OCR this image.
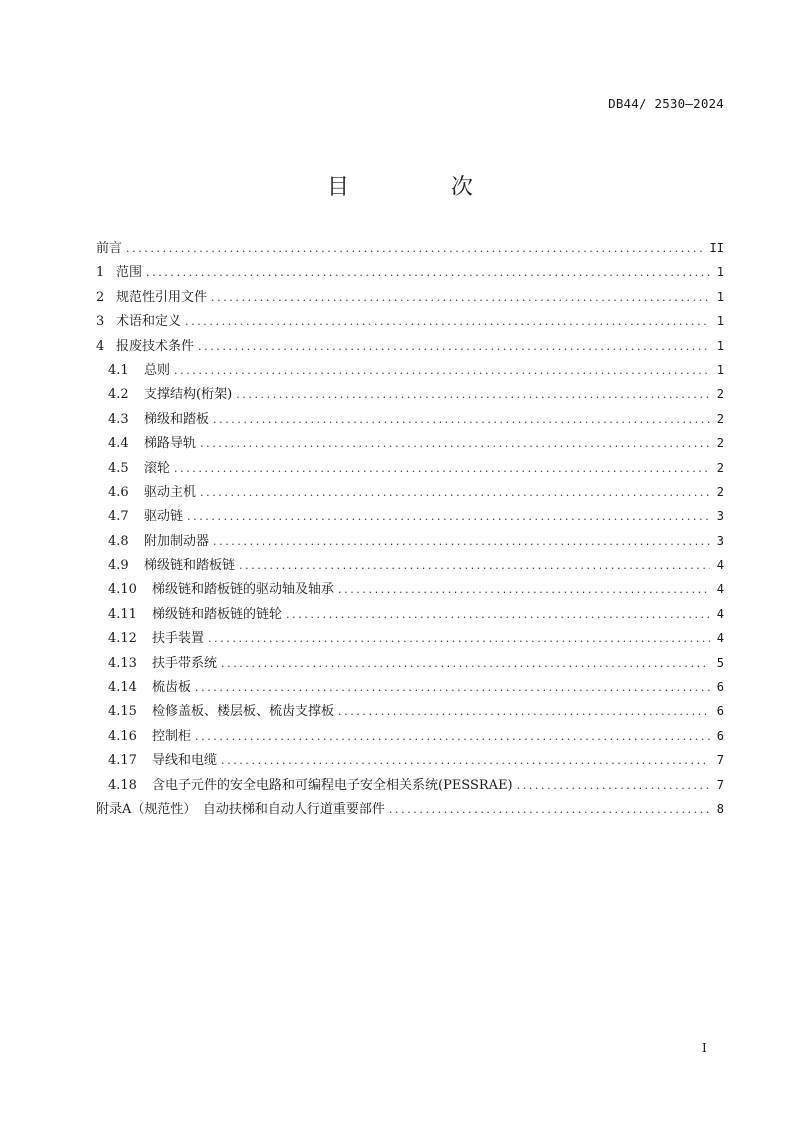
DB44/ 2530—2024
目　次
前言 .....	II
1 范围 .....	1
2 规范性引用文件 .....	1
3 术语和定义 .....	1
4 报废技术条件 .....	1
4.1	总则 .....	1
4.2	支撑结构(桁架) .....	2
4.3	梯级和踏板 .....	2
4.4	梯路导轨 .....	2
4.5	滚轮 .....	2
4.6	驱动主机 .....	2
4.7	驱动链 .....	3
4.8	附加制动器 .....	3
4.9	梯级链和踏板链 .....	4
4.10	梯级链和踏板链的驱动轴及轴承 .....	4
4.11	梯级链和踏板链的链轮 .....	4
4.12	扶手装置 .....	4
4.13	扶手带系统 .....	5
4.14	梳齿板 .....	6
4.15	检修盖板、楼层板、梳齿支撑板 .....	6
4.16	控制柜 .....	6
4.17	导线和电缆 .....	7
4.18	含电子元件的安全电路和可编程电子安全相关系统(PESSRAE) .....	7
附录A（规范性）　自动扶梯和自动人行道重要部件 .....	8
I
